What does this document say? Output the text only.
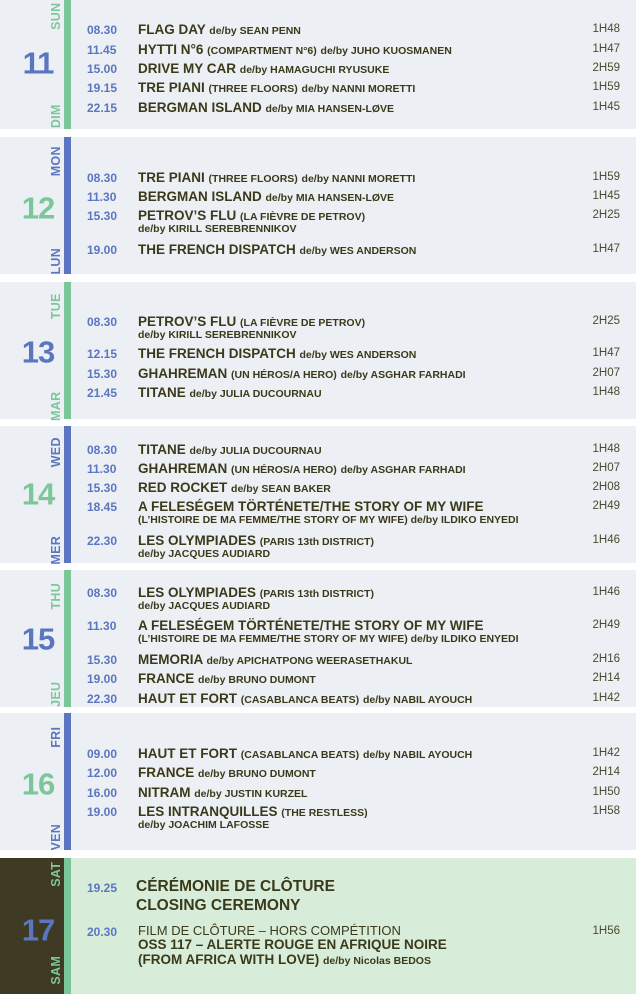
SUN
11
DIM
08.30 FLAG DAY de/by SEAN PENN	1H48
11.45 HYTTI N°6 (COMPARTMENT N°6) de/by JUHO KUOSMANEN	1H47
15.00 DRIVE MY CAR de/by HAMAGUCHI RYUSUKE	2H59
19.15 TRE PIANI (THREE FLOORS) de/by NANNI MORETTI	1H59
22.15 BERGMAN ISLAND de/by MIA HANSEN-LØVE	1H45
MON
12
LUN
08.30 TRE PIANI (THREE FLOORS) de/by NANNI MORETTI	1H59
11.30 BERGMAN ISLAND de/by MIA HANSEN-LØVE	1H45
15.30 PETROV’S FLU (LA FIÈVRE DE PETROV)
de/by KIRILL SEREBRENNIKOV
2H25
19.00 THE FRENCH DISPATCH de/by WES ANDERSON	1H47
TUE
13
MAR
08.30 PETROV’S FLU (LA FIÈVRE DE PETROV)
de/by KIRILL SEREBRENNIKOV
2H25
12.15 THE FRENCH DISPATCH de/by WES ANDERSON	1H47
15.30 GHAHREMAN (UN HÉROS/A HERO) de/by ASGHAR FARHADI	2H07
21.45 TITANE de/by JULIA DUCOURNAU	1H48
WED
14
MER
08.30 TITANE de/by JULIA DUCOURNAU	1H48
11.30 GHAHREMAN (UN HÉROS/A HERO) de/by ASGHAR FARHADI	2H07
15.30 RED ROCKET de/by SEAN BAKER	2H08
18.45 A FELESÉGEM TÖRTÉNETE/THE STORY OF MY WIFE
(L’HISTOIRE DE MA FEMME/THE STORY OF MY WIFE) de/by ILDIKO ENYEDI
2H49
22.30 LES OLYMPIADES (PARIS 13th DISTRICT)
de/by JACQUES AUDIARD
1H46
THU
15
JEU
08.30 LES OLYMPIADES (PARIS 13th DISTRICT)
de/by JACQUES AUDIARD
1H46
11.30 A FELESÉGEM TÖRTÉNETE/THE STORY OF MY WIFE
(L’HISTOIRE DE MA FEMME/THE STORY OF MY WIFE) de/by ILDIKO ENYEDI
2H49
15.30 MEMORIA de/by APICHATPONG WEERASETHAKUL	2H16
19.00 FRANCE de/by BRUNO DUMONT	2H14
22.30 HAUT ET FORT (CASABLANCA BEATS) de/by NABIL AYOUCH	1H42
FRI
16
VEN
09.00 HAUT ET FORT (CASABLANCA BEATS) de/by NABIL AYOUCH	1H42
12.00 FRANCE de/by BRUNO DUMONT	2H14
16.00 NITRAM de/by JUSTIN KURZEL	1H50
19.00 LES INTRANQUILLES (THE RESTLESS)
de/by JOACHIM LAFOSSE
1H58
SAT
17
SAM
19.25 CÉRÉMONIE DE CLÔTURE
CLOSING CEREMONY
20.30 FILM DE CLÔTURE – HORS COMPÉTITION
OSS 117 – ALERTE ROUGE EN AFRIQUE NOIRE
(FROM AFRICA WITH LOVE) de/by Nicolas BEDOS
1H56
